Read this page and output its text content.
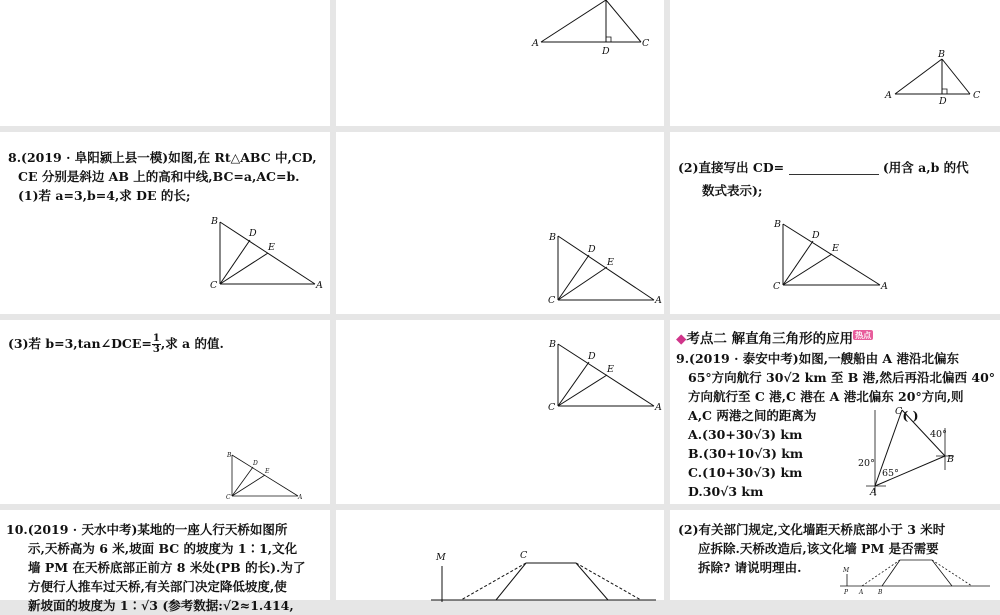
A
D
C
B
A
D
C
8.(2019 · 阜阳颍上县一模)如图,在 Rt△ABC 中,CD,
CE 分别是斜边 AB 上的高和中线,BC=a,AC=b.
(1)若 a=3,b=4,求 DE 的长;
B
D
E
C	A
B
D
E
C	A
(2)直接写出 CD=	(用含 a,b 的代
数式表示);
B
D
E
C	A
(3)若 b=3,tan∠DCE= $\frac{1}{3}$ ,求 a 的值.
B
D
E
C	A
B
D
E
C	A
◆考点二 解直角三角形的应用 热点
9.(2019 · 泰安中考)如图,一艘船由 A 港沿北偏东
65°方向航行 30√2 km 至 B 港,然后再沿北偏西 40°
方向航行至 C 港,C 港在 A 港北偏东 20°方向,则
A,C 两港之间的距离为	( )
A.(30+30√3) km
B.(30+10√3) km
C.(10+30√3) km
D.30√3 km
C
B
A
40°
20°
65°
10.(2019 · 天水中考)某地的一座人行天桥如图所
示,天桥高为 6 米,坡面 BC 的坡度为 1∶1,文化
墙 PM 在天桥底部正前方 8 米处(PB 的长).为了
方便行人推车过天桥,有关部门决定降低坡度,使
新坡面的坡度为 1∶√3 (参考数据:√2≈1.414,
M	C
(2)有关部门规定,文化墙距天桥底部小于 3 米时
应拆除.天桥改造后,该文化墙 PM 是否需要
拆除? 请说明理由.	M
P A B
